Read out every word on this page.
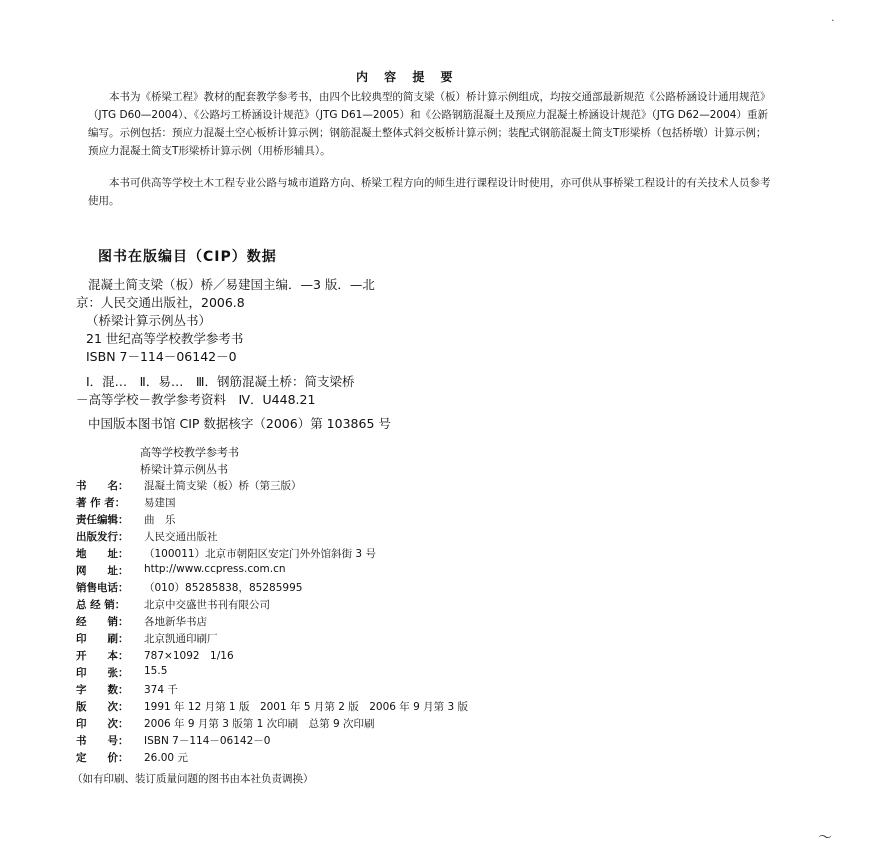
·
内 容 提 要

本书为《桥梁工程》教材的配套教学参考书，由四个比较典型的简支梁（板）桥计算示例组成，均按交通部最新规范《公路桥涵设计通用规范》（JTG D60—2004）、《公路圬工桥涵设计规范》（JTG D61—2005）和《公路钢筋混凝土及预应力混凝土桥涵设计规范》（JTG D62—2004）重新编写。示例包括：预应力混凝土空心板桥计算示例；钢筋混凝土整体式斜交板桥计算示例；装配式钢筋混凝土简支T形梁桥（包括桥墩）计算示例；预应力混凝土简支T形梁桥计算示例（用桥形辅具）。

本书可供高等学校土木工程专业公路与城市道路方向、桥梁工程方向的师生进行课程设计时使用，亦可供从事桥梁工程设计的有关技术人员参考使用。

图书在版编目（CIP）数据
混凝土简支梁（板）桥／易建国主编．—3 版．—北
京：人民交通出版社，2006.8
（桥梁计算示例丛书）
21 世纪高等学校教学参考书
ISBN 7－114－06142－0
Ⅰ．混…　Ⅱ．易…　Ⅲ．钢筋混凝土桥：简支梁桥
－高等学校－教学参考资料　Ⅳ．U448.21
中国版本图书馆 CIP 数据核字（2006）第 103865 号
高等学校教学参考书
桥梁计算示例丛书
书　　名：	混凝土简支梁（板）桥（第三版）
著 作 者：	易建国
责任编辑：	曲　乐
出版发行：	人民交通出版社
地　　址：	（100011）北京市朝阳区安定门外外馆斜街 3 号
网　　址：	http://www.ccpress.com.cn
销售电话：	（010）85285838，85285995
总 经 销：	北京中交盛世书刊有限公司
经　　销：	各地新华书店
印　　刷：	北京凯通印刷厂
开　　本：	787×1092　1/16
印　　张：	15.5
字　　数：	374 千
版　　次：	1991 年 12 月第 1 版　2001 年 5 月第 2 版　2006 年 9 月第 3 版
印　　次：	2006 年 9 月第 3 版第 1 次印刷　总第 9 次印刷
书　　号：	ISBN 7－114－06142－0
定　　价：	26.00 元
（如有印刷、装订质量问题的图书由本社负责调换）
〜
